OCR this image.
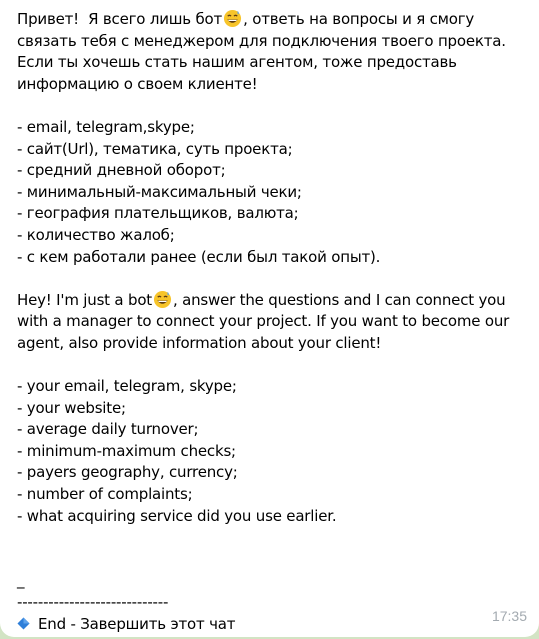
Привет!  Я всего лишь бот , ответь на вопросы и я смогу
связать тебя с менеджером для подключения твоего проекта.
Если ты хочешь стать нашим агентом, тоже предоставь
информацию о своем клиенте!
- email, telegram,skype;
- сайт(Url), тематика, суть проекта;
- средний дневной оборот;
- минимальный-максимальный чеки;
- география плательщиков, валюта;
- количество жалоб;
- с кем работали ранее (если был такой опыт).
Hey! I'm just a bot , answer the questions and I can connect you
with a manager to connect your project. If you want to become our
agent, also provide information about your client!
- your email, telegram, skype;
- your website;
- average daily turnover;
- minimum-maximum checks;
- payers geography, currency;
- number of complaints;
- what acquiring service did you use earlier.
_
-----------------------------
End - Завершить этот чат	17:35
